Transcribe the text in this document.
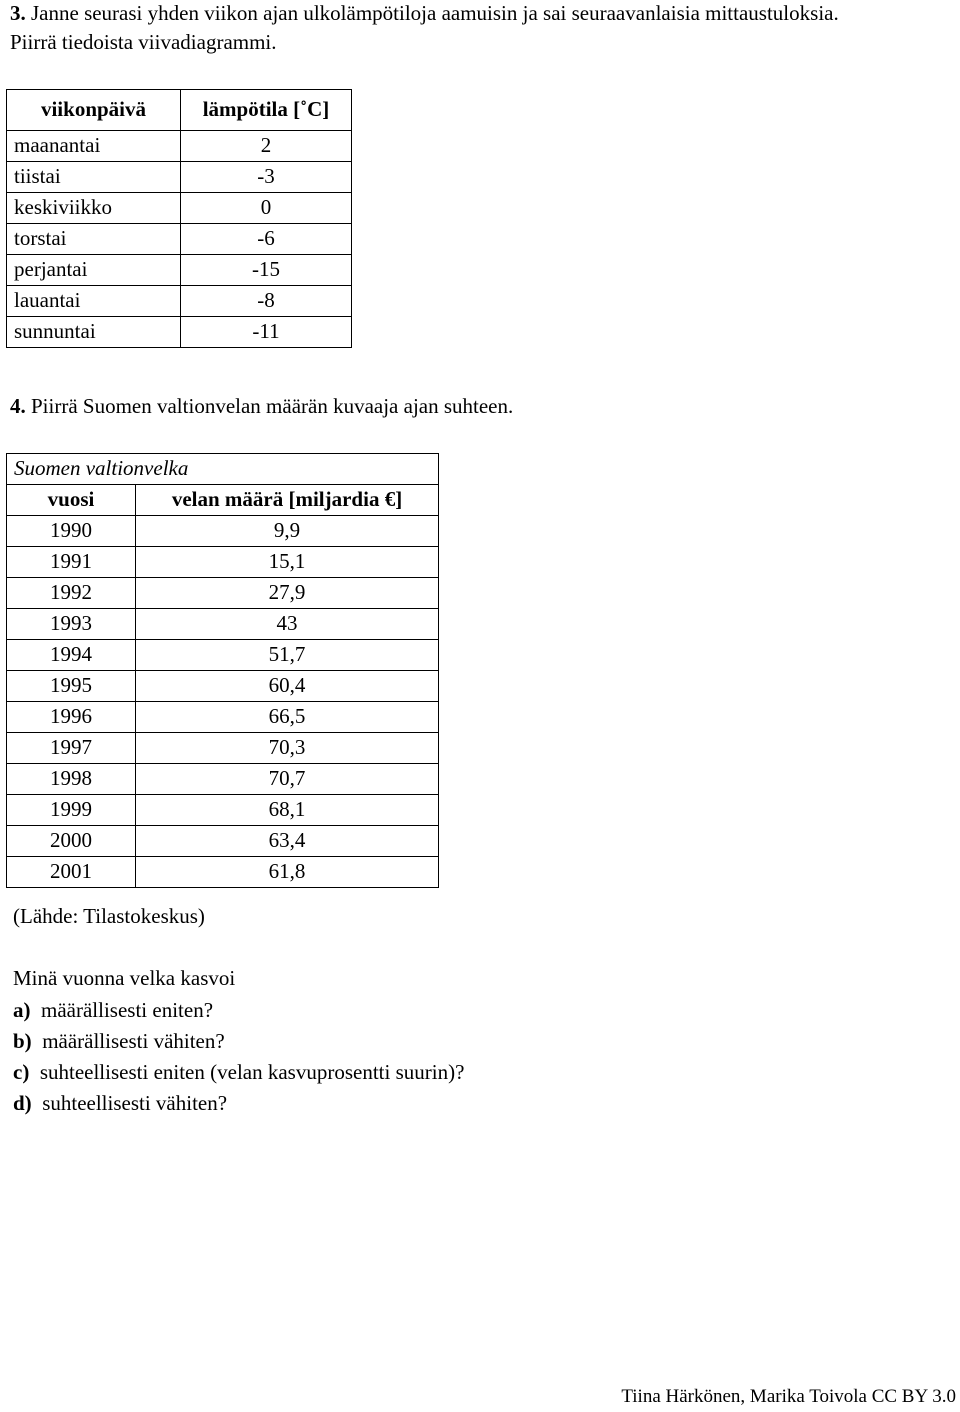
3. Janne seurasi yhden viikon ajan ulkolämpötiloja aamuisin ja sai seuraavanlaisia mittaustuloksia.
Piirrä tiedoista viivadiagrammi.
viikonpäivä	lämpötila [˚C]
maanantai	2
tiistai	-3
keskiviikko	0
torstai	-6
perjantai	-15
lauantai	-8
sunnuntai	-11
4. Piirrä Suomen valtionvelan määrän kuvaaja ajan suhteen.
Suomen valtionvelka	
vuosi	velan määrä [miljardia €]
1990	9,9
1991	15,1
1992	27,9
1993	43
1994	51,7
1995	60,4
1996	66,5
1997	70,3
1998	70,7
1999	68,1
2000	63,4
2001	61,8
(Lähde: Tilastokeskus)
Minä vuonna velka kasvoi
a) määrällisesti eniten?
b) määrällisesti vähiten?
c) suhteellisesti eniten (velan kasvuprosentti suurin)?
d) suhteellisesti vähiten?
Tiina Härkönen, Marika Toivola CC BY 3.0
